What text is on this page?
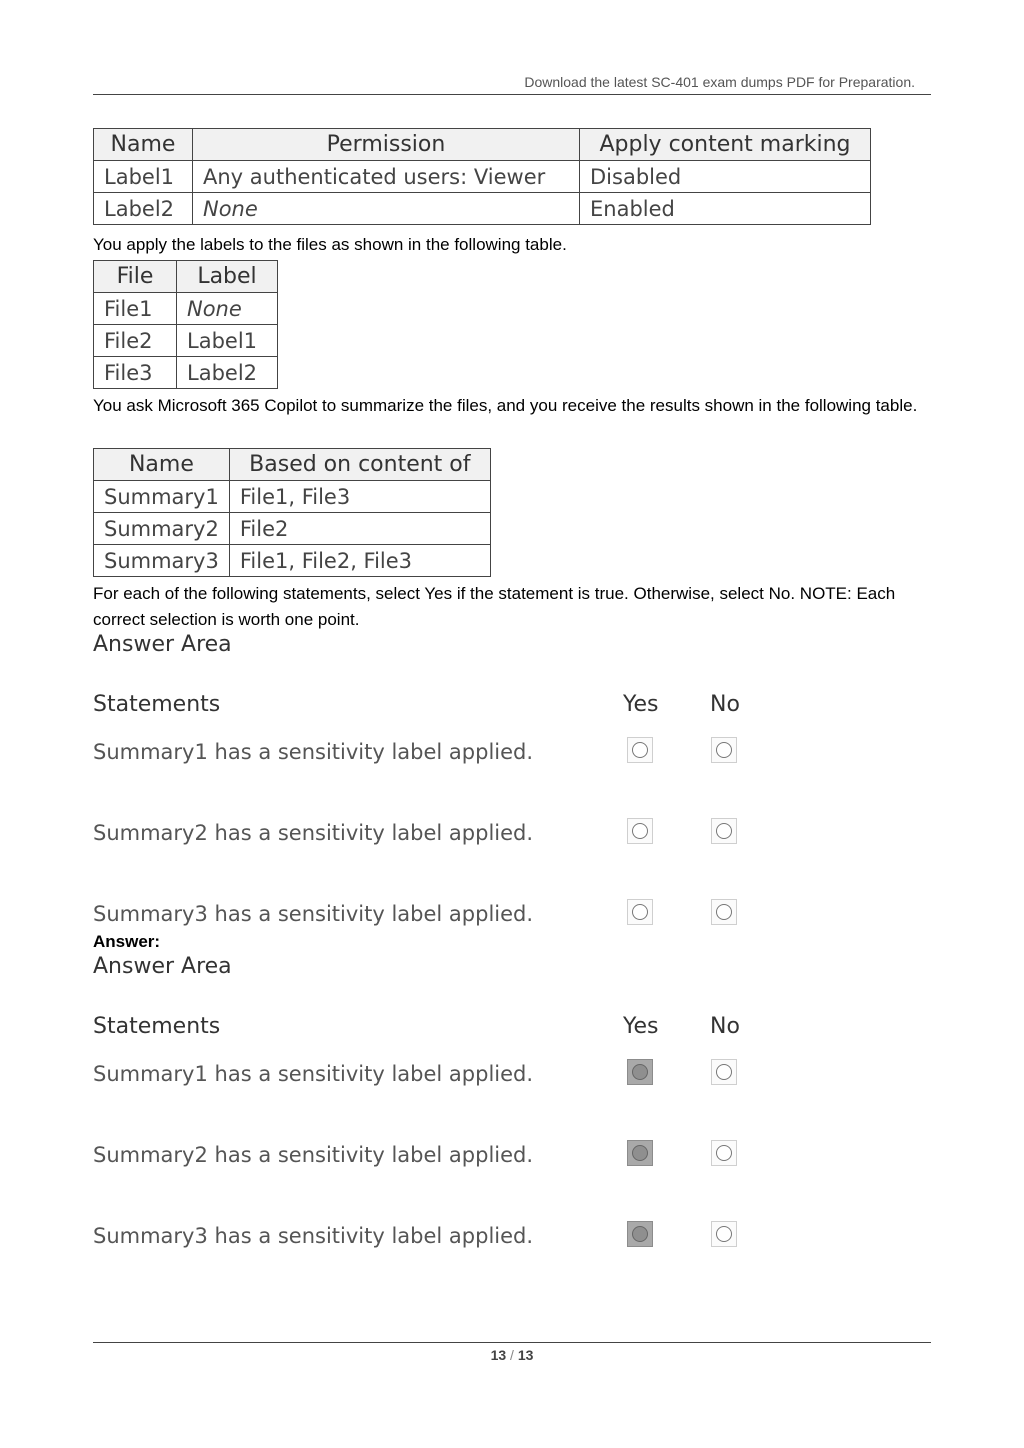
Download the latest SC-401 exam dumps PDF for Preparation.
Name	Permission	Apply content marking
Label1	Any authenticated users: Viewer	Disabled
Label2	None	Enabled
You apply the labels to the files as shown in the following table.
File	Label
File1	None
File2	Label1
File3	Label2
You ask Microsoft 365 Copilot to summarize the files, and you receive the results shown in the following table.
Name	Based on content of
Summary1	File1, File3
Summary2	File2
Summary3	File1, File2, File3
For each of the following statements, select Yes if the statement is true. Otherwise, select No. NOTE: Each correct selection is worth one point.
Answer Area
Statements	Yes No
Summary1 has a sensitivity label applied.
Summary2 has a sensitivity label applied.
Summary3 has a sensitivity label applied.
Answer:
Answer Area
Statements	Yes No
Summary1 has a sensitivity label applied.
Summary2 has a sensitivity label applied.
Summary3 has a sensitivity label applied.
13 / 13
